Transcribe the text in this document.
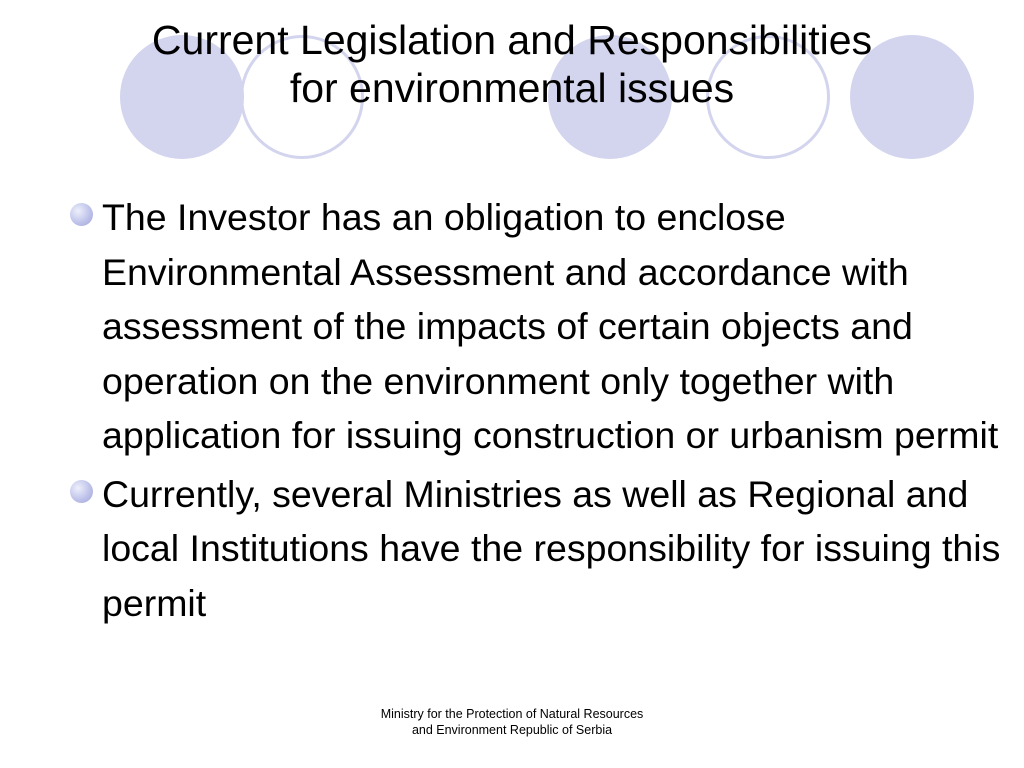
Current Legislation and Responsibilities
for environmental issues
The Investor has an obligation to enclose Environmental Assessment and accordance with assessment of the impacts of certain objects and operation on the environment only together with application for issuing construction or urbanism permit
Currently, several Ministries as well as Regional and local Institutions have the responsibility for issuing this permit
Ministry for the Protection of Natural Resources
and Environment Republic of Serbia
